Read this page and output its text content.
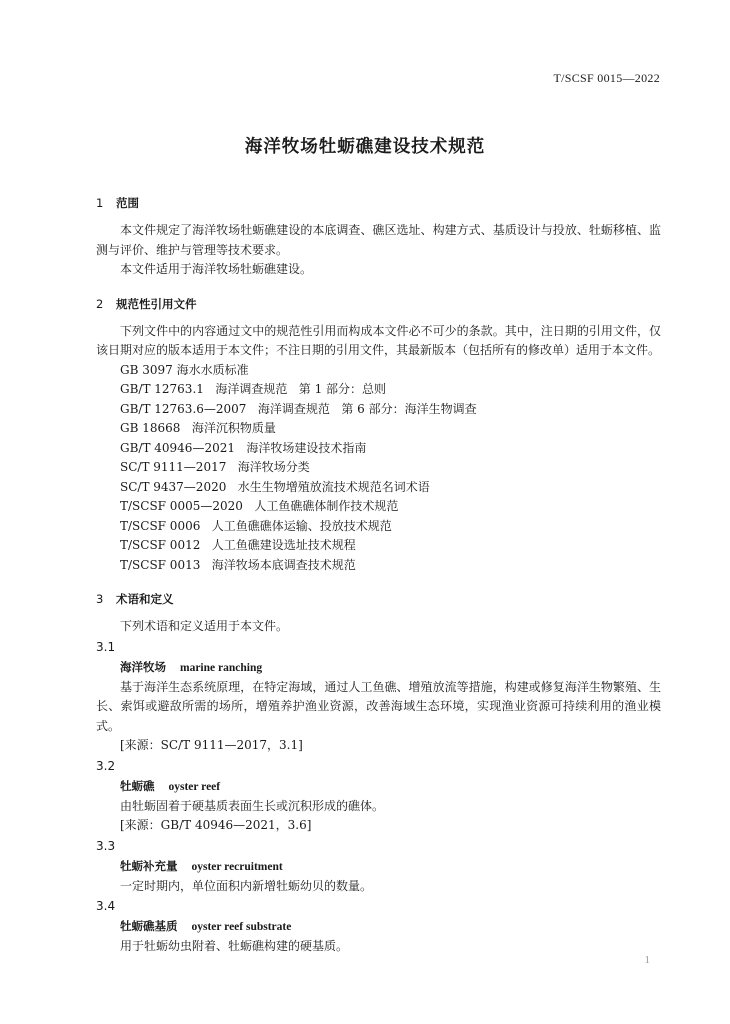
T/SCSF 0015—2022
海洋牧场牡蛎礁建设技术规范
1 范围

本文件规定了海洋牧场牡蛎礁建设的本底调查、礁区选址、构建方式、基质设计与投放、牡蛎移植、监测与评价、维护与管理等技术要求。

本文件适用于海洋牧场牡蛎礁建设。

2 规范性引用文件

下列文件中的内容通过文中的规范性引用而构成本文件必不可少的条款。其中，注日期的引用文件，仅该日期对应的版本适用于本文件；不注日期的引用文件，其最新版本（包括所有的修改单）适用于本文件。

GB 3097 海水水质标准

GB/T 12763.1   海洋调查规范   第 1 部分：总则

GB/T 12763.6—2007   海洋调查规范   第 6 部分：海洋生物调查

GB 18668   海洋沉积物质量

GB/T 40946—2021   海洋牧场建设技术指南

SC/T 9111—2017   海洋牧场分类

SC/T 9437—2020   水生生物增殖放流技术规范名词术语

T/SCSF 0005—2020   人工鱼礁礁体制作技术规范

T/SCSF 0006   人工鱼礁礁体运输、投放技术规范

T/SCSF 0012   人工鱼礁建设选址技术规程

T/SCSF 0013   海洋牧场本底调查技术规范

3 术语和定义

下列术语和定义适用于本文件。

3.1

海洋牧场 marine ranching

基于海洋生态系统原理，在特定海域，通过人工鱼礁、增殖放流等措施，构建或修复海洋生物繁殖、生长、索饵或避敌所需的场所，增殖养护渔业资源，改善海域生态环境，实现渔业资源可持续利用的渔业模式。

[来源：SC/T 9111—2017，3.1]

3.2

牡蛎礁 oyster reef

由牡蛎固着于硬基质表面生长或沉积形成的礁体。

[来源：GB/T 40946—2021，3.6]

3.3

牡蛎补充量 oyster recruitment

一定时期内，单位面积内新增牡蛎幼贝的数量。

3.4

牡蛎礁基质 oyster reef substrate

用于牡蛎幼虫附着、牡蛎礁构建的硬基质。

1
